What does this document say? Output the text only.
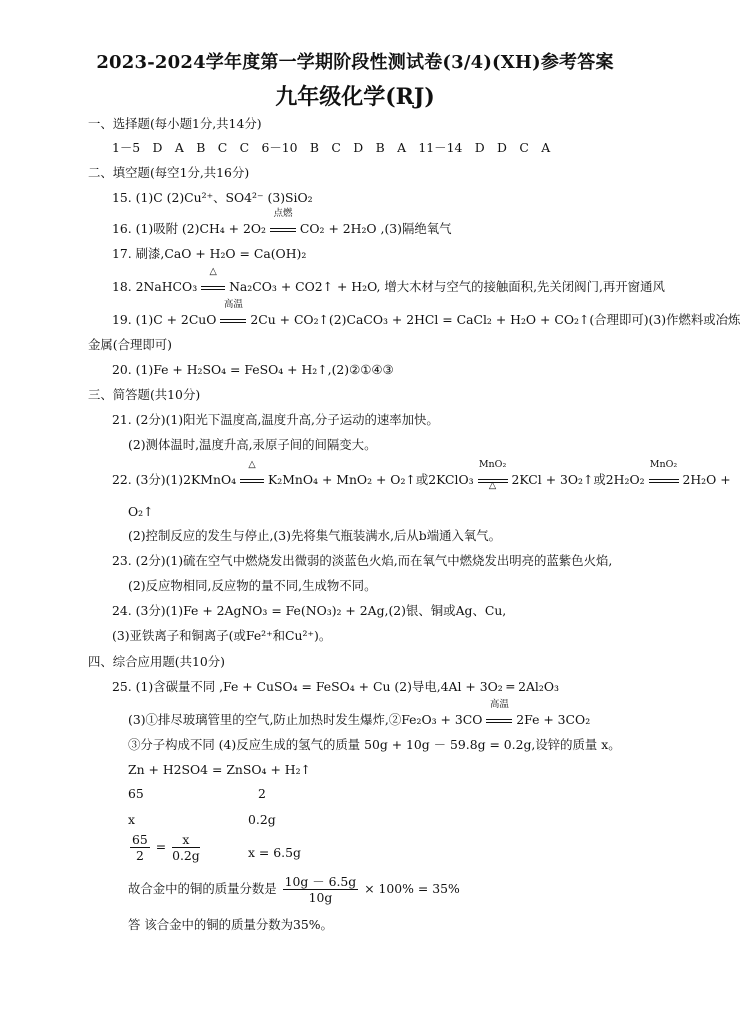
2023-2024学年度第一学期阶段性测试卷(3/4)(XH)参考答案
九年级化学(RJ)
一、选择题(每小题1分,共14分)
1－5　D　A　B　C　C　6－10　B　C　D　B　A　11－14　D　D　C　A
二、填空题(每空1分,共16分)
15. (1)C (2)Cu²⁺、SO4²⁻ (3)SiO₂
16. (1)吸附 (2)CH₄ + 2O₂
点燃
CO₂ + 2H₂O ,(3)隔绝氧气
17. 刷漆,CaO + H₂O = Ca(OH)₂
18. 2NaHCO₃
△
Na₂CO₃ + CO2↑ + H₂O, 增大木材与空气的接触面积,先关闭阀门,再开窗通风
19. (1)C + 2CuO
高温
2Cu + CO₂↑(2)CaCO₃ + 2HCl = CaCl₂ + H₂O + CO₂↑(合理即可)(3)作燃料或冶炼
金属(合理即可)
20. (1)Fe + H₂SO₄ = FeSO₄ + H₂↑,(2)②①④③
三、简答题(共10分)
21. (2分)(1)阳光下温度高,温度升高,分子运动的速率加快。
(2)测体温时,温度升高,汞原子间的间隔变大。
22. (3分)(1)2KMnO₄
△
K₂MnO₄ + MnO₂ + O₂↑或2KClO₃
MnO₂
△	2KCl + 3O₂↑或2H₂O₂
MnO₂
2H₂O +
O₂↑
(2)控制反应的发生与停止,(3)先将集气瓶装满水,后从b端通入氧气。
23. (2分)(1)硫在空气中燃烧发出微弱的淡蓝色火焰,而在氧气中燃烧发出明亮的蓝紫色火焰,
(2)反应物相同,反应物的量不同,生成物不同。
24. (3分)(1)Fe + 2AgNO₃ = Fe(NO₃)₂ + 2Ag,(2)银、铜或Ag、Cu,
(3)亚铁离子和铜离子(或Fe²⁺和Cu²⁺)。
四、综合应用题(共10分)
25. (1)含碳量不同 ,Fe + CuSO₄ = FeSO₄ + Cu (2)导电,4Al + 3O₂ ═ 2Al₂O₃
(3)①排尽玻璃管里的空气,防止加热时发生爆炸,②Fe₂O₃ + 3CO
高温
2Fe + 3CO₂
③分子构成不同 (4)反应生成的氢气的质量 50g + 10g － 59.8g = 0.2g,设锌的质量 x。
Zn + H2SO4 = ZnSO₄ + H₂↑
65	2
x	0.2g
$\frac{65}{2} = \frac{x}{0.2g}$	x = 6.5g
故合金中的铜的质量分数是 $\frac{10g - 6.5g}{10g} \times 100\% = 35\%$
答 该合金中的铜的质量分数为35%。
